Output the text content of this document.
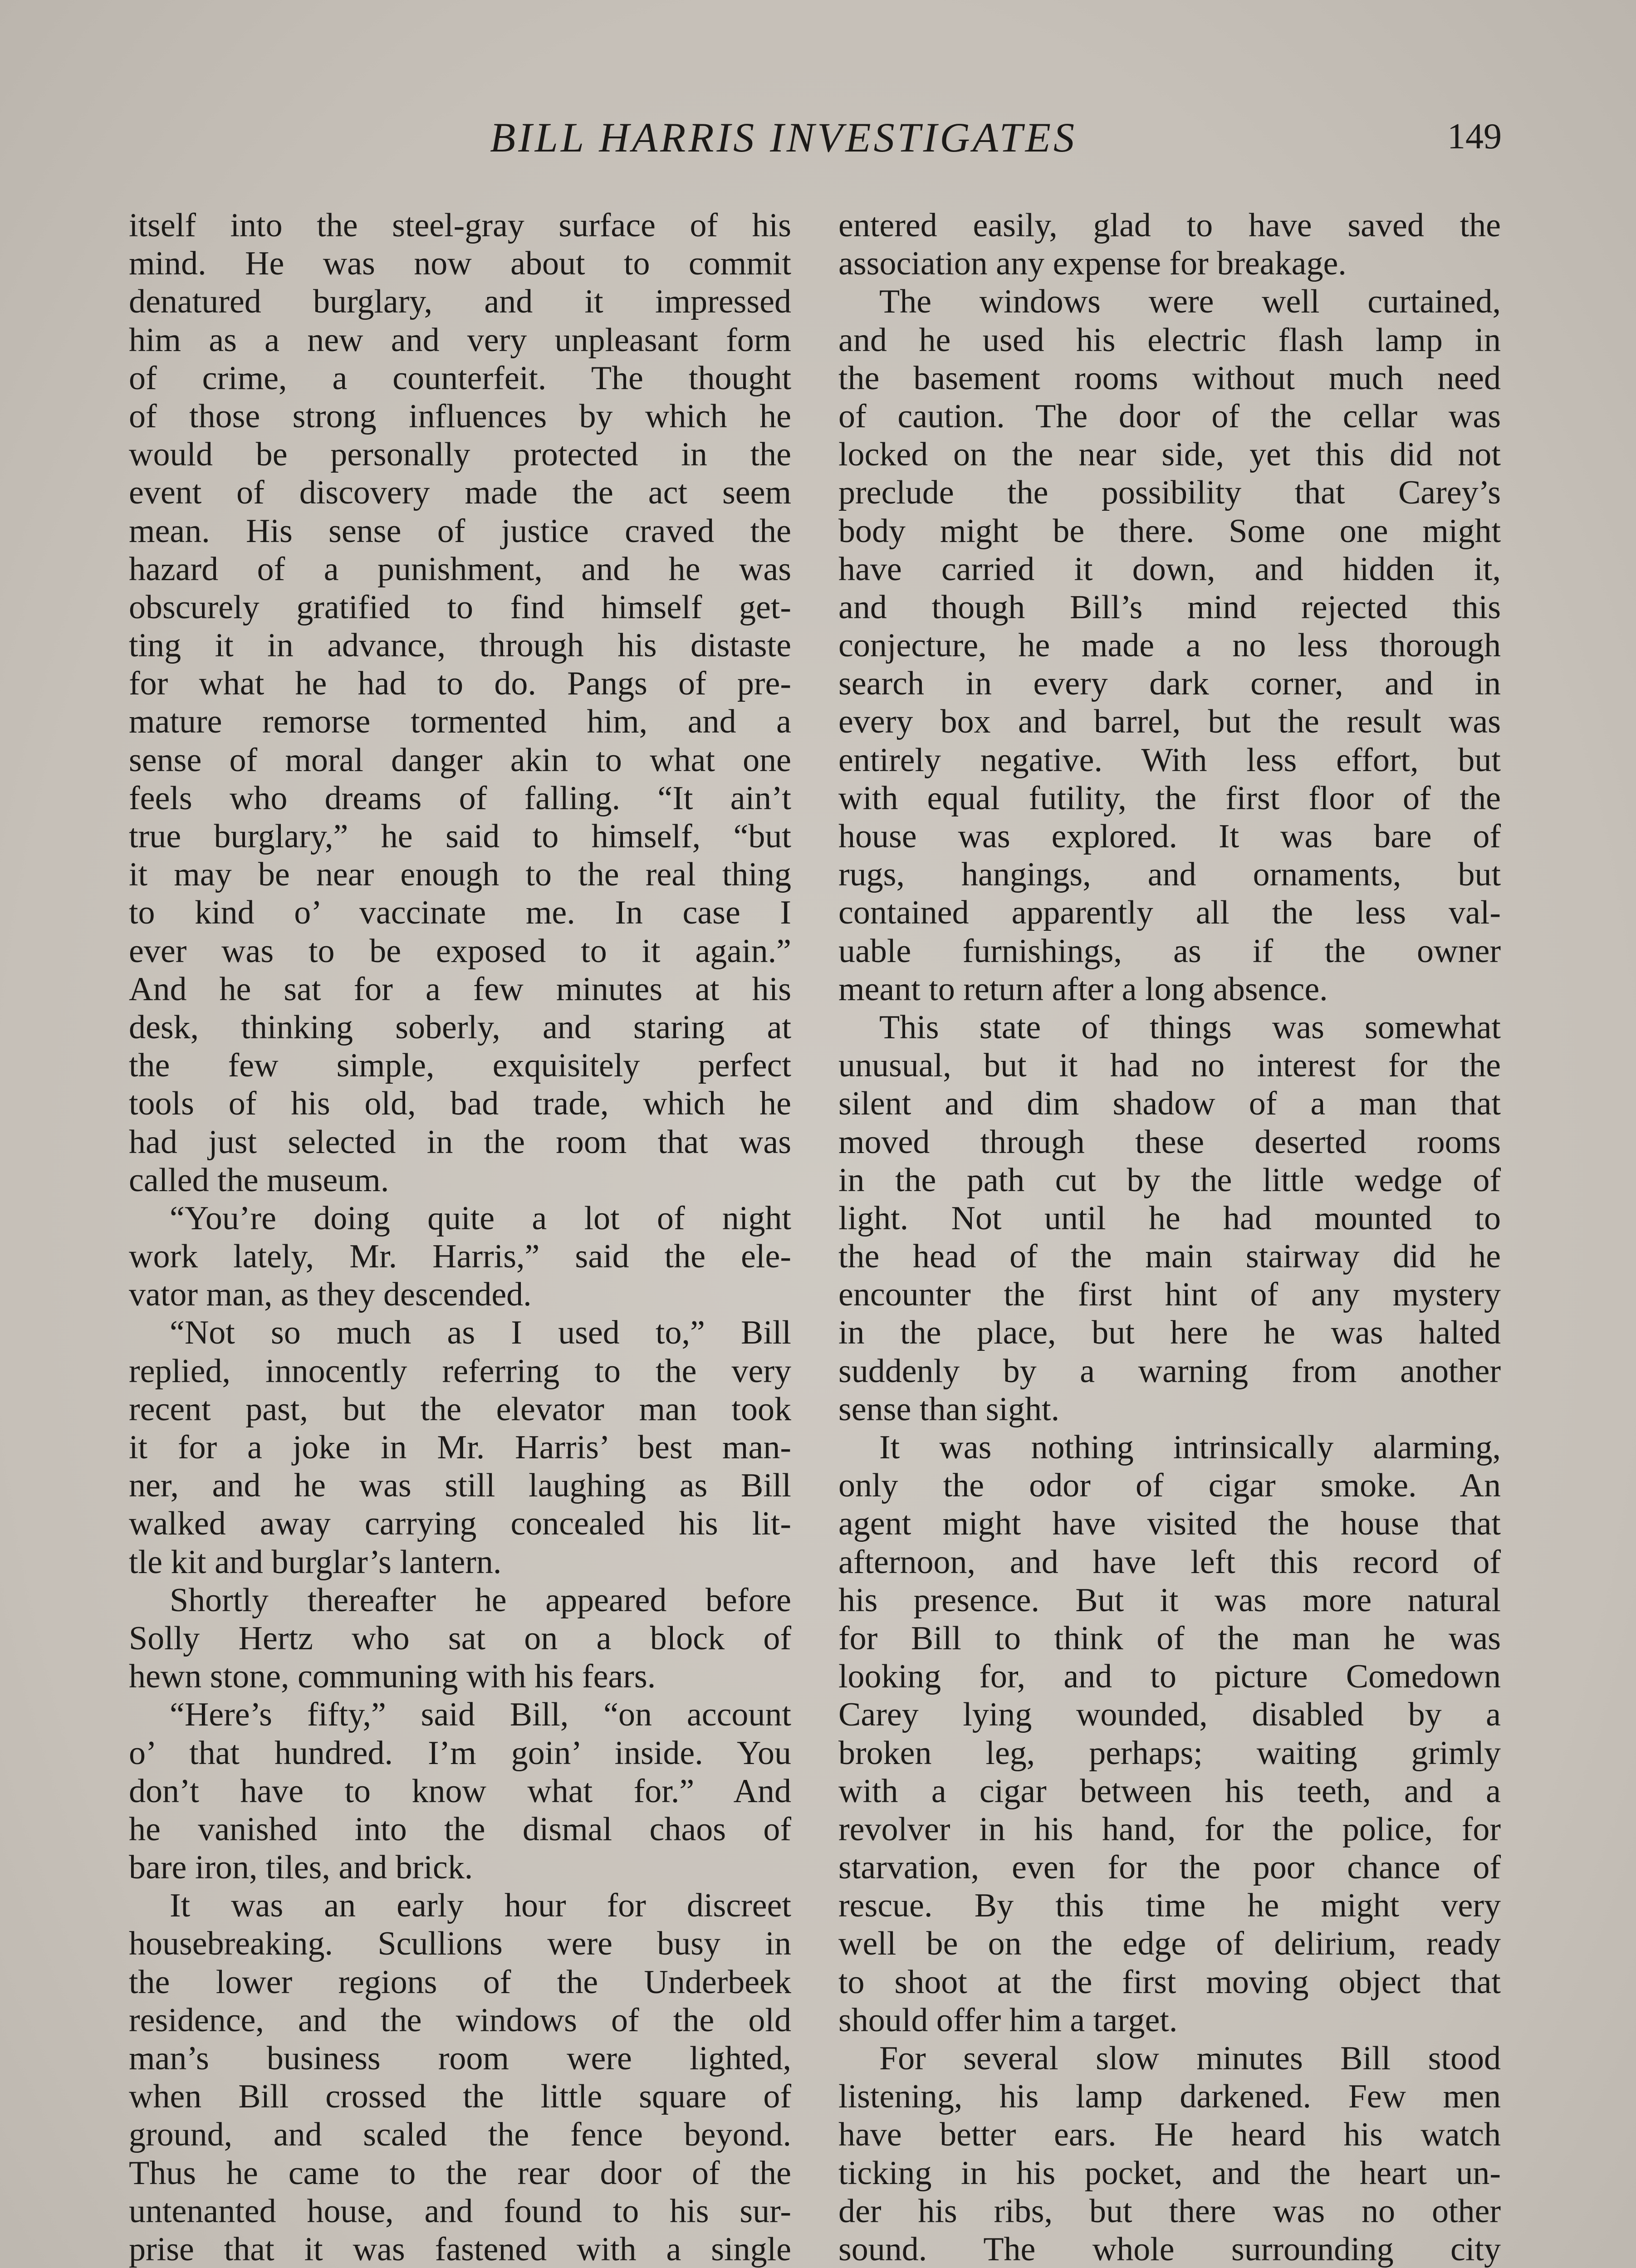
BILL HARRIS INVESTIGATES	149
itself into the steel-gray surface of his
mind. He was now about to commit
denatured burglary, and it impressed
him as a new and very unpleasant form
of crime, a counterfeit. The thought
of those strong influences by which he
would be personally protected in the
event of discovery made the act seem
mean. His sense of justice craved the
hazard of a punishment, and he was
obscurely gratified to find himself get-
ting it in advance, through his distaste
for what he had to do. Pangs of pre-
mature remorse tormented him, and a
sense of moral danger akin to what one
feels who dreams of falling. “It ain’t
true burglary,” he said to himself, “but
it may be near enough to the real thing
to kind o’ vaccinate me. In case I
ever was to be exposed to it again.”
And he sat for a few minutes at his
desk, thinking soberly, and staring at
the few simple, exquisitely perfect
tools of his old, bad trade, which he
had just selected in the room that was
called the museum.
“You’re doing quite a lot of night
work lately, Mr. Harris,” said the ele-
vator man, as they descended.
“Not so much as I used to,” Bill
replied, innocently referring to the very
recent past, but the elevator man took
it for a joke in Mr. Harris’ best man-
ner, and he was still laughing as Bill
walked away carrying concealed his lit-
tle kit and burglar’s lantern.
Shortly thereafter he appeared before
Solly Hertz who sat on a block of
hewn stone, communing with his fears.
“Here’s fifty,” said Bill, “on account
o’ that hundred. I’m goin’ inside. You
don’t have to know what for.” And
he vanished into the dismal chaos of
bare iron, tiles, and brick.
It was an early hour for discreet
housebreaking. Scullions were busy in
the lower regions of the Underbeek
residence, and the windows of the old
man’s business room were lighted,
when Bill crossed the little square of
ground, and scaled the fence beyond.
Thus he came to the rear door of the
untenanted house, and found to his sur-
prise that it was fastened with a single
entered easily, glad to have saved the
association any expense for breakage.
The windows were well curtained,
and he used his electric flash lamp in
the basement rooms without much need
of caution. The door of the cellar was
locked on the near side, yet this did not
preclude the possibility that Carey’s
body might be there. Some one might
have carried it down, and hidden it,
and though Bill’s mind rejected this
conjecture, he made a no less thorough
search in every dark corner, and in
every box and barrel, but the result was
entirely negative. With less effort, but
with equal futility, the first floor of the
house was explored. It was bare of
rugs, hangings, and ornaments, but
contained apparently all the less val-
uable furnishings, as if the owner
meant to return after a long absence.
This state of things was somewhat
unusual, but it had no interest for the
silent and dim shadow of a man that
moved through these deserted rooms
in the path cut by the little wedge of
light. Not until he had mounted to
the head of the main stairway did he
encounter the first hint of any mystery
in the place, but here he was halted
suddenly by a warning from another
sense than sight.
It was nothing intrinsically alarming,
only the odor of cigar smoke. An
agent might have visited the house that
afternoon, and have left this record of
his presence. But it was more natural
for Bill to think of the man he was
looking for, and to picture Comedown
Carey lying wounded, disabled by a
broken leg, perhaps; waiting grimly
with a cigar between his teeth, and a
revolver in his hand, for the police, for
starvation, even for the poor chance of
rescue. By this time he might very
well be on the edge of delirium, ready
to shoot at the first moving object that
should offer him a target.
For several slow minutes Bill stood
listening, his lamp darkened. Few men
have better ears. He heard his watch
ticking in his pocket, and the heart un-
der his ribs, but there was no other
sound. The whole surrounding city
